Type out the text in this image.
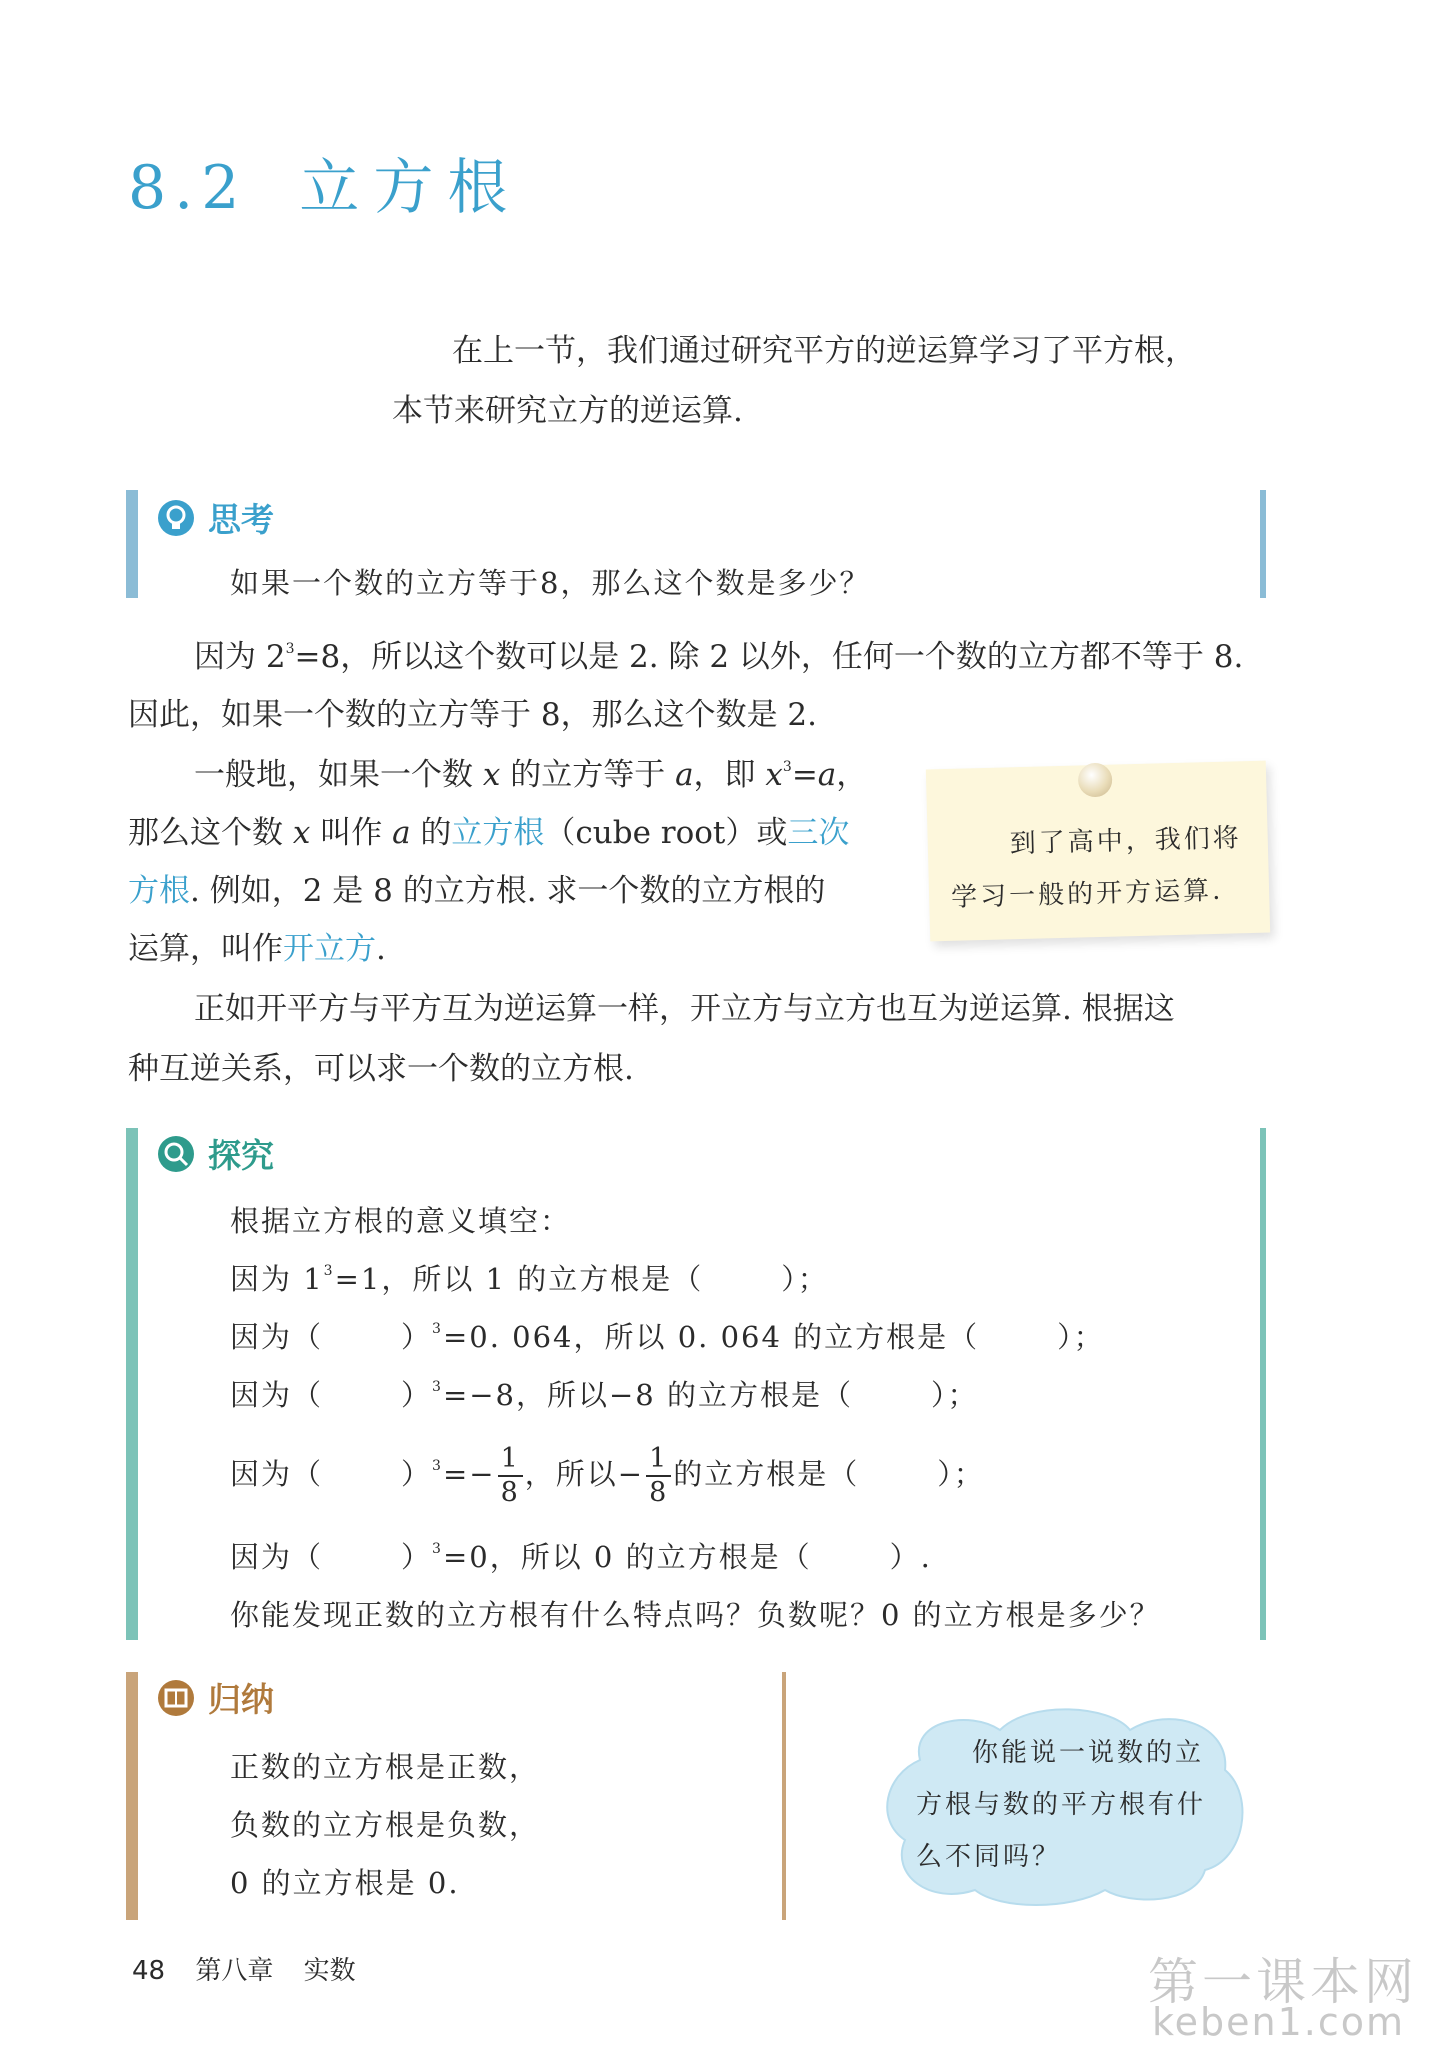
8.2 立方根
在上一节，我们通过研究平方的逆运算学习了平方根，
本节来研究立方的逆运算.
思考
如果一个数的立方等于8，那么这个数是多少？
因为 $2^3=8$，所以这个数可以是 2. 除 2 以外，任何一个数的立方都不等于 8.
因此，如果一个数的立方等于 8，那么这个数是 2.
一般地，如果一个数 x 的立方等于 a，即 $x^3=a$，
那么这个数 x 叫作 a 的立方根（cube root）或三次
方根. 例如，2 是 8 的立方根. 求一个数的立方根的
运算，叫作开立方.
到了高中，我们将
学习一般的开方运算.
正如开平方与平方互为逆运算一样，开立方与立方也互为逆运算. 根据这
种互逆关系，可以求一个数的立方根.
探究
根据立方根的意义填空：
因为 $1^3=1$，所以 1 的立方根是（	）；
因为（	）$^3$=0. 064，所以 0. 064 的立方根是（	）；
因为（	）$^3$=−8，所以−8 的立方根是（	）；
因为（	）$^3=- \frac{1}{8}$ ，所以− $\frac{1}{8}$ 的立方根是（	）；
因为（	）$^3$=0，所以 0 的立方根是（	）.
你能发现正数的立方根有什么特点吗？负数呢？0 的立方根是多少？
归纳
正数的立方根是正数，
负数的立方根是负数，
0 的立方根是 0.
你能说一说数的立
方根与数的平方根有什
么不同吗？
48 第八章 实数	第一课本网
keben1.com
